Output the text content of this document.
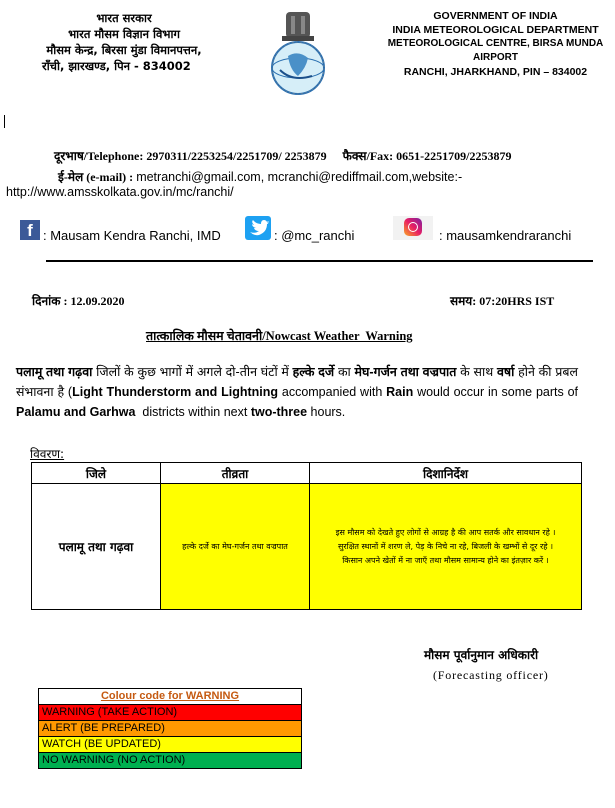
भारत सरकार
भारत मौसम विज्ञान विभाग
मौसम केन्द्र, बिरसा मुंडा विमानपत्तन,
राँची, झारखण्ड, पिन - 834002
GOVERNMENT OF INDIA
INDIA METEOROLOGICAL DEPARTMENT
METEOROLOGICAL CENTRE, BIRSA MUNDA AIRPORT
RANCHI, JHARKHAND, PIN – 834002
दूरभाष/Telephone: 2970311/2253254/2251709/ 2253879 फैक्स/Fax: 0651-2251709/2253879
ई-मेल (e-mail) : metranchi@gmail.com, mcranchi@rediffmail.com,website:-
http://www.amsskolkata.gov.in/mc/ranchi/
f : Mausam Kendra Ranchi, IMD	: @mc_ranchi	: mausamkendraranchi
दिनांक : 12.09.2020	समय: 07:20HRS IST
तात्कालिक मौसम चेतावनी/Nowcast Weather  Warning
पलामू तथा गढ़वा जिलों के कुछ भागों में अगले दो-तीन घंटों में हल्के दर्जे का मेघ-गर्जन तथा वज्रपात के साथ वर्षा होने की प्रबल संभावना है (Light Thunderstorm and Lightning accompanied with Rain would occur in some parts of  Palamu and Garhwa  districts within next two-three hours.
विवरण:
जिले	तीव्रता	दिशानिर्देश
पलामू तथा गढ़वा	हल्के दर्जे का मेघ-गर्जन तथा वज्रपात	इस मौसम को देखते हुए लोगों से आग्रह है की आप सतर्क और सावधान रहे ।
सुरक्षित स्थानों में शरण ले, पेड़ के निचे ना रहे, बिजली के खम्भों से दूर रहे ।
किसान अपने खेतों में ना जाएँ तथा मौसम सामान्य होने का इंतज़ार करें ।
मौसम पूर्वानुमान अधिकारी
(Forecasting officer)
Colour code for WARNING
WARNING (TAKE ACTION)
ALERT (BE PREPARED)
WATCH (BE UPDATED)
NO WARNING (NO ACTION)
